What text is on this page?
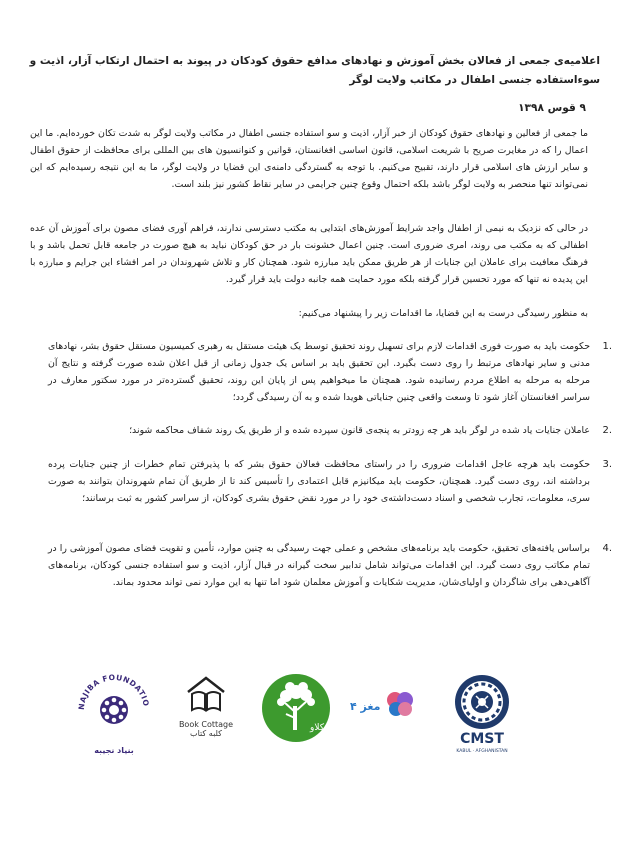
اعلامیه‌ی جمعی از فعالان بخش آموزش و نهادهای مدافع حقوق کودکان در پیوند به احتمال ارتکاب آزار، اذیت و سوءاستفاده جنسی اطفال در مکاتب ولایت لوگر
۹ قوس ۱۳۹۸
ما جمعی از فعالین و نهادهای حقوق کودکان از خبر آزار، اذیت و سو استفاده جنسی اطفال در مکاتب ولایت لوگر به شدت تکان خورده‌ایم. ما این اعمال را که در مغایرت صریح با شریعت اسلامی، قانون اساسی افغانستان، قوانین و کنوانسیون های بین المللی برای محافظت از حقوق اطفال و سایر ارزش های اسلامی قرار دارند، تقبیح می‌کنیم. با توجه به گستردگی دامنه‌ی این قضایا در ولایت لوگر، ما به این نتیجه رسیده‌ایم که این نمی‌تواند تنها منحصر به ولایت لوگر باشد بلکه احتمال وقوع چنین جرایمی در سایر نقاط کشور نیز بلند است.
در حالی که نزدیک به نیمی از اطفال واجد شرایط آموزش‌های ابتدایی به مکتب دسترسی ندارند، فراهم آوری فضای مصون برای آموزش آن عده اطفالی که به مکتب می روند، امری ضروری است. چنین اعمال خشونت بار در حق کودکان نباید به هیچ صورت در جامعه قابل تحمل باشد و با فرهنگ معافیت برای عاملان این جنایات از هر طریق ممکن باید مبارزه شود. همچنان کار و تلاش شهروندان در امر افشاء این جرایم و مبارزه با این پدیده نه تنها که مورد تحسین قرار گرفته بلکه مورد حمایت همه جانبه دولت باید قرار گیرد.
به منظور رسیدگی درست به این قضایا، ما اقدامات زیر را پیشنهاد می‌کنیم:
1.
حکومت باید به صورت فوری اقدامات لازم برای تسهیل روند تحقیق توسط یک هیئت مستقل به رهبری کمیسیون مستقل حقوق بشر، نهادهای مدنی و سایر نهادهای مرتبط را روی دست بگیرد. این تحقیق باید بر اساس یک جدول زمانی از قبل اعلان شده صورت گرفته و نتایج آن مرحله به مرحله به اطلاع مردم رسانیده شود. همچنان ما میخواهیم پس از پایان این روند، تحقیق گسترده‌تر در مورد سکتور معارف در سراسر افغانستان آغاز شود تا وسعت واقعی چنین جنایاتی هویدا شده و به آن رسیدگی گردد؛
2.
عاملان جنایات یاد شده در لوگر باید هر چه زودتر به پنجه‌ی قانون سپرده شده و از طریق یک روند شفاف محاکمه شوند؛
3.
حکومت باید هرچه عاجل اقدامات ضروری را در راستای محافظت فعالان حقوق بشر که با پذیرفتن تمام خطرات از چنین جنایات پرده برداشته اند، روی دست گیرد. همچنان، حکومت باید میکانیزم قابل اعتمادی را تأسیس کند تا از طریق آن تمام شهروندان بتوانند به صورت سری، معلومات، تجارب شخصی و اسناد دست‌داشته‌ی خود را در مورد نقض حقوق بشری کودکان، از سراسر کشور به ثبت برسانند؛
4.
براساس یافته‌های تحقیق، حکومت باید برنامه‌های مشخص و عملی جهت رسیدگی به چنین موارد، تأمین و تقویت فضای مصون آموزشی را در تمام مکاتب روی دست گیرد. این اقدامات می‌تواند شامل تدابیر سخت گیرانه در قبال آزار، اذیت و سو استفاده جنسی کودکان، برنامه‌های آگاهی‌دهی برای شاگردان و اولیای‌شان، مدیریت شکایات و آموزش معلمان شود اما تنها به این موارد نمی تواند محدود بماند.
NAJIBA FOUNDATIO
بنیاد نجیبه
Book Cottage
کلبه کتاب
کلاو
مغز ۴
CMST
KABUL · AFGHANISTAN
